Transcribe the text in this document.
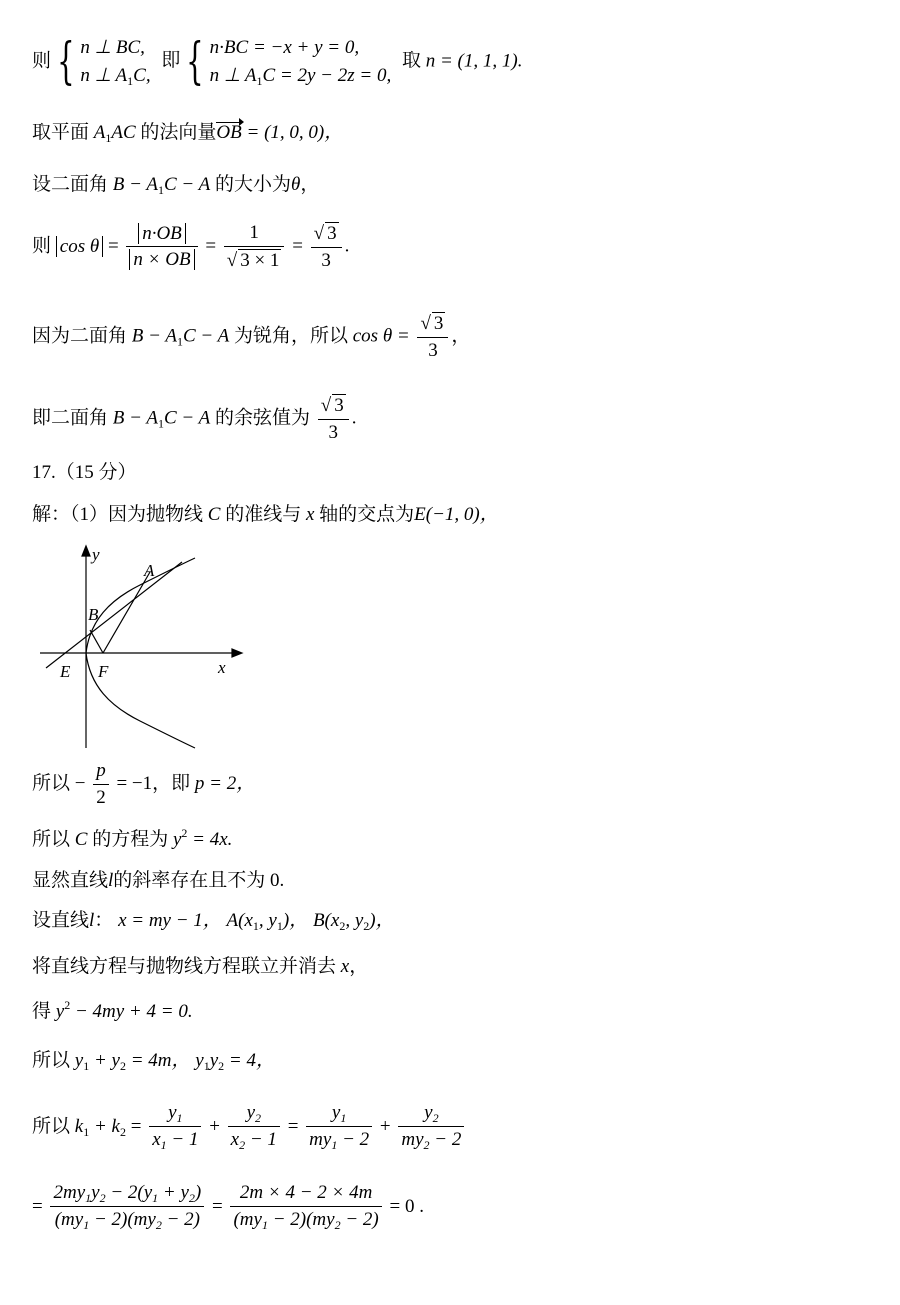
则 { n ⊥ BC,
n ⊥ $A_1C$, 即 { n·BC = −x + y = 0,
n ⊥ $A_1C = 2y - 2z = 0$, 取 n = (1, 1, 1).
取平面 $A_1AC$ 的法向量OB = (1, 0, 0)，
设二面角 $B - A_1C - A$ 的大小为θ，
则 $\cos \theta = \frac{n\cdot OB}{n \times OB} = \frac{1}{√ 3 \times 1} = \frac{√ 3}{3}$ .
因为二面角 $B - A_1C - A$ 为锐角，所以 $\cos \theta = \frac{√ 3}{3}$ ，
即二面角 $B - A_1C - A$ 的余弦值为 $\frac{√ 3}{3}$ .
17.（15 分）
解：（1）因为抛物线 C 的准线与 x 轴的交点为E(−1, 0)，
y
x
A
B
E F
所以 − $\frac{p}{2} = -1$，即 p = 2，
所以 C 的方程为 $y^2 = 4x$.
显然直线l的斜率存在且不为 0.
设直线l： x = my − 1， $A(x_1$, $y_1$)， $B(x_2$, $y_2$)，
将直线方程与抛物线方程联立并消去 x，
得 $y^2 - 4my + 4 = 0$.
所以 $y_1 + y_2 = 4m$， $y_1y_2 = 4$，
所以 $k_1 + k_2 = \frac{y_1}{x_1 - 1} + \frac{y_2}{x_2 - 1} = \frac{y_1}{my_1 - 2} + \frac{y_2}{my_2 - 2}$
= $\frac{2my_1y_2 - 2(y_1 + y_2)}{(my_1 - 2)(my_2 - 2)} = \frac{2m \times 4 - 2 \times 4m}{(my_1 - 2)(my_2 - 2)} = 0$ .
